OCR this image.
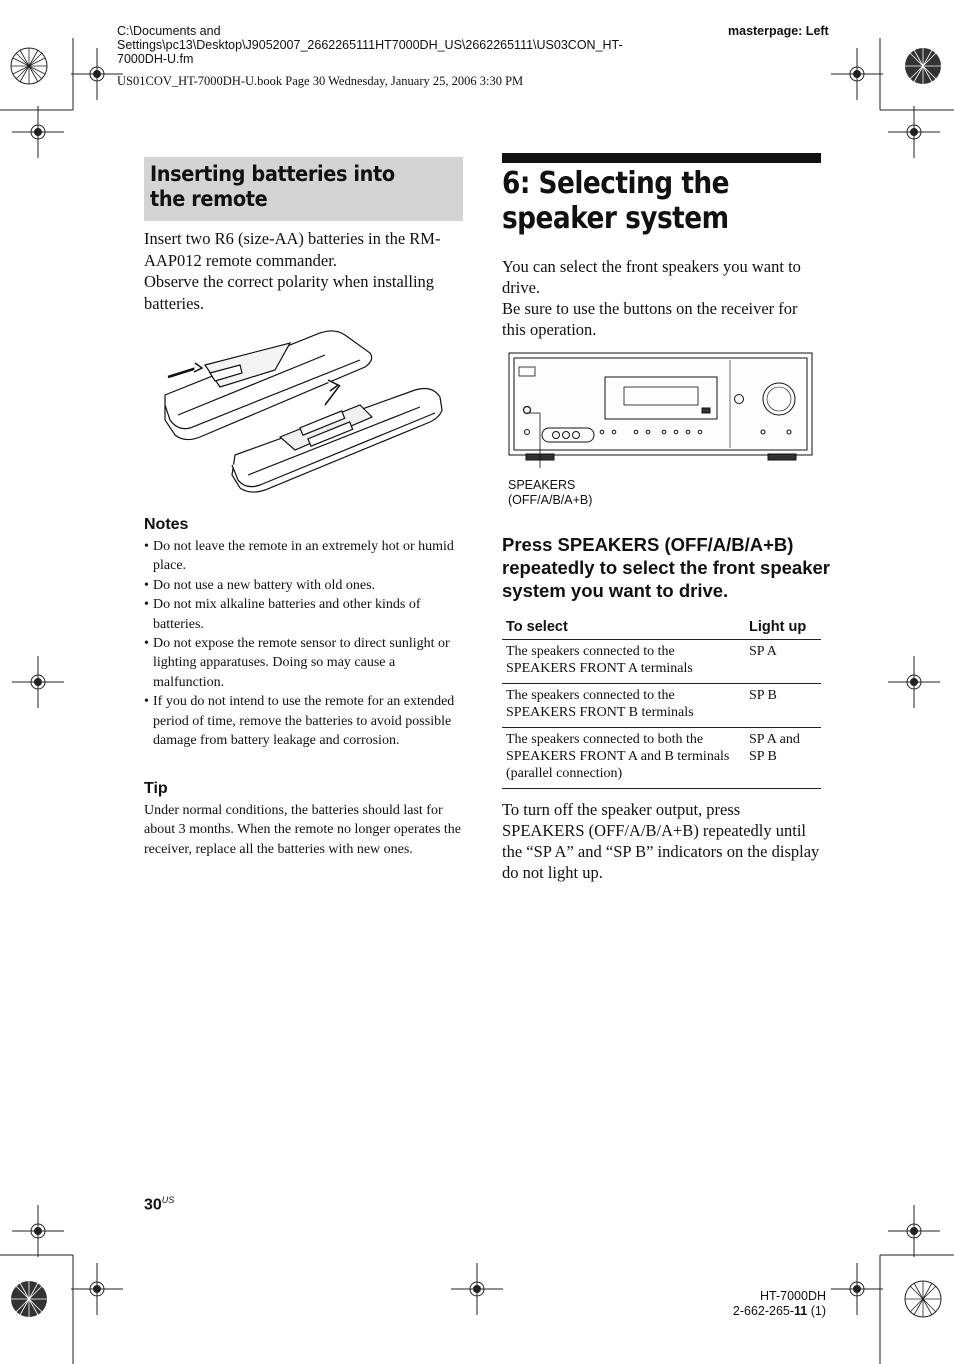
C:\Documents and
Settings\pc13\Desktop\J9052007_2662265111HT7000DH_US\2662265111\US03CON_HT-
7000DH-U.fm
masterpage: Left
US01COV_HT-7000DH-U.book Page 30 Wednesday, January 25, 2006 3:30 PM
Inserting batteries into the remote

Insert two R6 (size-AA) batteries in the RM-AAP012 remote commander.

Observe the correct polarity when installing batteries.

Notes
• Do not leave the remote in an extremely hot or humid place.
• Do not use a new battery with old ones.
• Do not mix alkaline batteries and other kinds of batteries.
• Do not expose the remote sensor to direct sunlight or lighting apparatuses. Doing so may cause a malfunction.
• If you do not intend to use the remote for an extended period of time, remove the batteries to avoid possible damage from battery leakage and corrosion.
Tip
Under normal conditions, the batteries should last for about 3 months. When the remote no longer operates the receiver, replace all the batteries with new ones.
6: Selecting the speaker system

You can select the front speakers you want to drive.

Be sure to use the buttons on the receiver for this operation.

SPEAKERS
(OFF/A/B/A+B)
Press SPEAKERS (OFF/A/B/A+B) repeatedly to select the front speaker system you want to drive.
To select	Light up
The speakers connected to the SPEAKERS FRONT A terminals	SP A
The speakers connected to the SPEAKERS FRONT B terminals	SP B
The speakers connected to both the SPEAKERS FRONT A and B terminals (parallel connection)	SP A and SP B
To turn off the speaker output, press SPEAKERS (OFF/A/B/A+B) repeatedly until the “SP A” and “SP B” indicators on the display do not light up.
$30^{US}$
HT-7000DH
2-662-265-11 (1)
